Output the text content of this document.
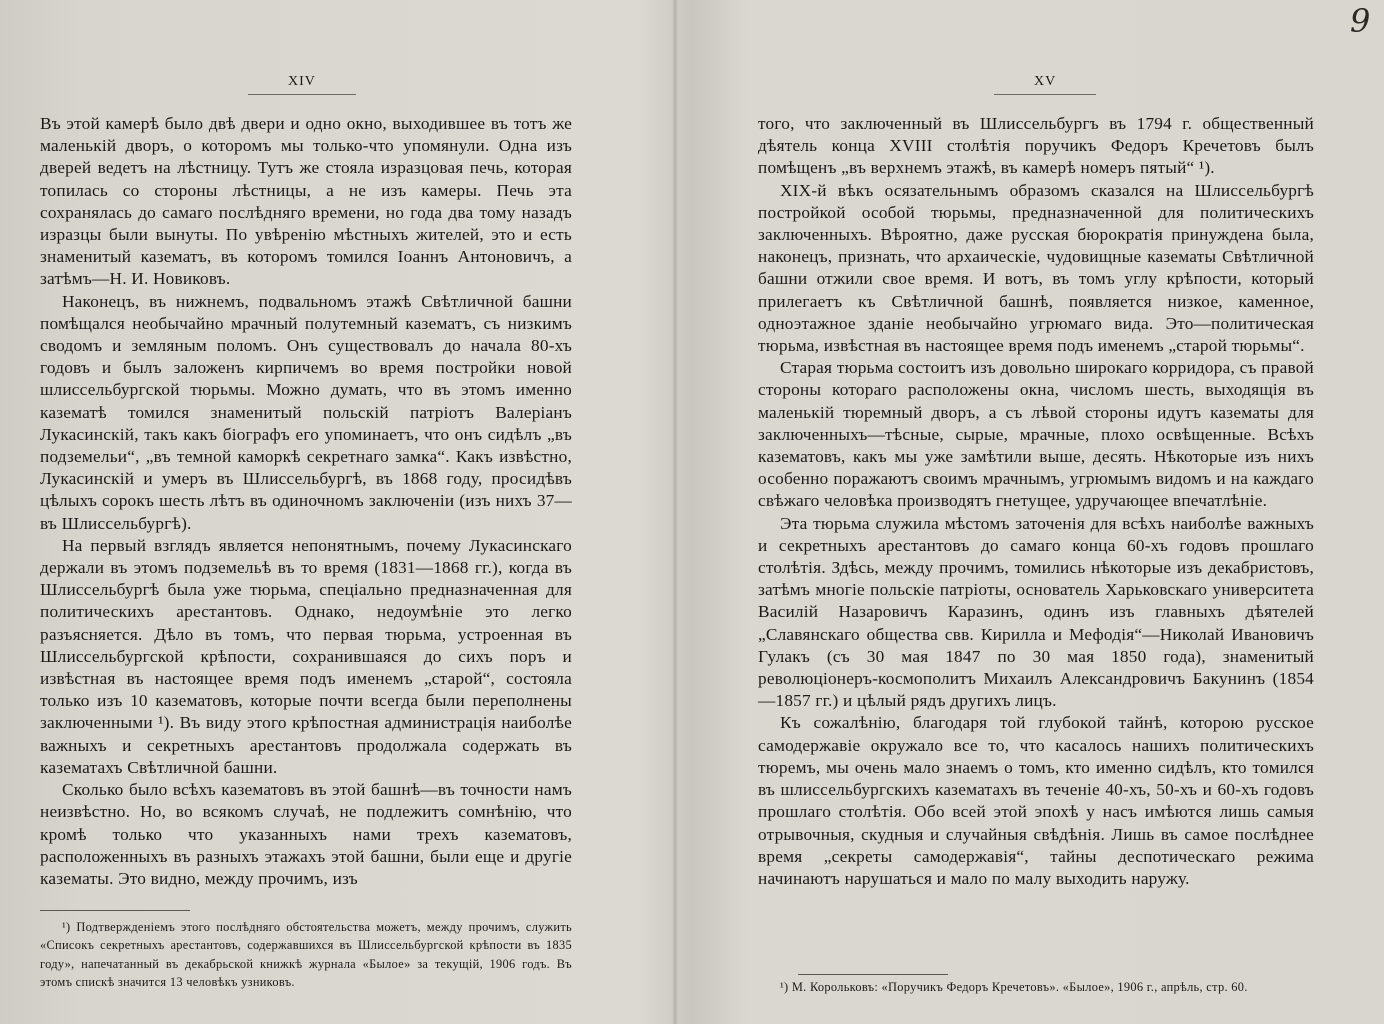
9
XIV

Въ этой камерѣ было двѣ двери и одно окно, выходившее въ тотъ же маленькій дворъ, о которомъ мы только-что упомянули. Одна изъ дверей ведетъ на лѣстницу. Тутъ же стояла изразцовая печь, которая топилась со стороны лѣстницы, а не изъ камеры. Печь эта сохранялась до самаго послѣдняго времени, но года два тому назадъ изразцы были вынуты. По увѣренію мѣстныхъ жителей, это и есть знаменитый казематъ, въ которомъ томился Іоаннъ Антоновичъ, а затѣмъ—Н. И. Новиковъ.

Наконецъ, въ нижнемъ, подвальномъ этажѣ Свѣтличной башни помѣщался необычайно мрачный полутемный казематъ, съ низкимъ сводомъ и земляным поломъ. Онъ существовалъ до начала 80-хъ годовъ и былъ заложенъ кирпичемъ во время постройки новой шлиссельбургской тюрьмы. Можно думать, что въ этомъ именно казематѣ томился знаменитый польскій патріотъ Валеріанъ Лукасинскій, такъ какъ біографъ его упоминаетъ, что онъ сидѣлъ „въ подземельи“, „въ темной каморкѣ секретнаго замка“. Какъ извѣстно, Лукасинскій и умеръ въ Шлиссельбургѣ, въ 1868 году, просидѣвъ цѣлыхъ сорокъ шесть лѣтъ въ одиночномъ заключеніи (изъ нихъ 37—въ Шлиссельбургѣ).

На первый взглядъ является непонятнымъ, почему Лукасинскаго держали въ этомъ подземельѣ въ то время (1831—1868 гг.), когда въ Шлиссельбургѣ была уже тюрьма, спеціально предназначенная для политическихъ арестантовъ. Однако, недоумѣніе это легко разъясняется. Дѣло въ томъ, что первая тюрьма, устроенная въ Шлиссельбургской крѣпости, сохранившаяся до сихъ поръ и извѣстная въ настоящее время подъ именемъ „старой“, состояла только изъ 10 казематовъ, которые почти всегда были переполнены заключенными ¹). Въ виду этого крѣпостная администрація наиболѣе важныхъ и секретныхъ арестантовъ продолжала содержать въ казематахъ Свѣтличной башни.

Сколько было всѣхъ казематовъ въ этой башнѣ—въ точности намъ неизвѣстно. Но, во всякомъ случаѣ, не подлежитъ сомнѣнію, что кромѣ только что указанныхъ нами трехъ казематовъ, расположенныхъ въ разныхъ этажахъ этой башни, были еще и другіе казематы. Это видно, между прочимъ, изъ

¹) Подтвержденіемъ этого послѣдняго обстоятельства можетъ, между прочимъ, служить «Списокъ секретныхъ арестантовъ, содержавшихся въ Шлиссельбургской крѣпости въ 1835 году», напечатанный въ декабрьской книжкѣ журнала «Былое» за текущій, 1906 годъ. Въ этомъ спискѣ значится 13 человѣкъ узниковъ.
XV

того, что заключенный въ Шлиссельбургъ въ 1794 г. общественный дѣятель конца XVIII столѣтія поручикъ Федоръ Кречетовъ былъ помѣщенъ „въ верхнемъ этажѣ, въ камерѣ номеръ пятый“ ¹).

XIX-й вѣкъ осязательнымъ образомъ сказался на Шлиссельбургѣ постройкой особой тюрьмы, предназначенной для политическихъ заключенныхъ. Вѣроятно, даже русская бюрократія принуждена была, наконецъ, признать, что архаическіе, чудовищные казематы Свѣтличной башни отжили свое время. И вотъ, въ томъ углу крѣпости, который прилегаетъ къ Свѣтличной башнѣ, появляется низкое, каменное, одноэтажное зданіе необычайно угрюмаго вида. Это—политическая тюрьма, извѣстная въ настоящее время подъ именемъ „старой тюрьмы“.

Старая тюрьма состоитъ изъ довольно широкаго корридора, съ правой стороны котораго расположены окна, числомъ шесть, выходящія въ маленькій тюремный дворъ, а съ лѣвой стороны идутъ казематы для заключенныхъ—тѣсные, сырые, мрачные, плохо освѣщенные. Всѣхъ казематовъ, какъ мы уже замѣтили выше, десять. Нѣкоторые изъ нихъ особенно поражаютъ своимъ мрачнымъ, угрюмымъ видомъ и на каждаго свѣжаго человѣка производятъ гнетущее, удручающее впечатлѣніе.

Эта тюрьма служила мѣстомъ заточенія для всѣхъ наиболѣе важныхъ и секретныхъ арестантовъ до самаго конца 60-хъ годовъ прошлаго столѣтія. Здѣсь, между прочимъ, томились нѣкоторые изъ декабристовъ, затѣмъ многіе польскіе патріоты, основатель Харьковскаго университета Василій Назаровичъ Каразинъ, одинъ изъ главныхъ дѣятелей „Славянскаго общества свв. Кирилла и Мефодія“—Николай Ивановичъ Гулакъ (съ 30 мая 1847 по 30 мая 1850 года), знаменитый революціонеръ-космополитъ Михаилъ Александровичъ Бакунинъ (1854—1857 гг.) и цѣлый рядъ другихъ лицъ.

Къ сожалѣнію, благодаря той глубокой тайнѣ, которою русское самодержавіе окружало все то, что касалось нашихъ политическихъ тюремъ, мы очень мало знаемъ о томъ, кто именно сидѣлъ, кто томился въ шлиссельбургскихъ казематахъ въ теченіе 40-хъ, 50-хъ и 60-хъ годовъ прошлаго столѣтія. Обо всей этой эпохѣ у насъ имѣются лишь самыя отрывочныя, скудныя и случайныя свѣдѣнія. Лишь въ самое послѣднее время „секреты самодержавія“, тайны деспотическаго режима начинаютъ нарушаться и мало по малу выходить наружу.

¹) М. Корольковъ: «Поручикъ Федоръ Кречетовъ». «Былое», 1906 г., апрѣль, стр. 60.
